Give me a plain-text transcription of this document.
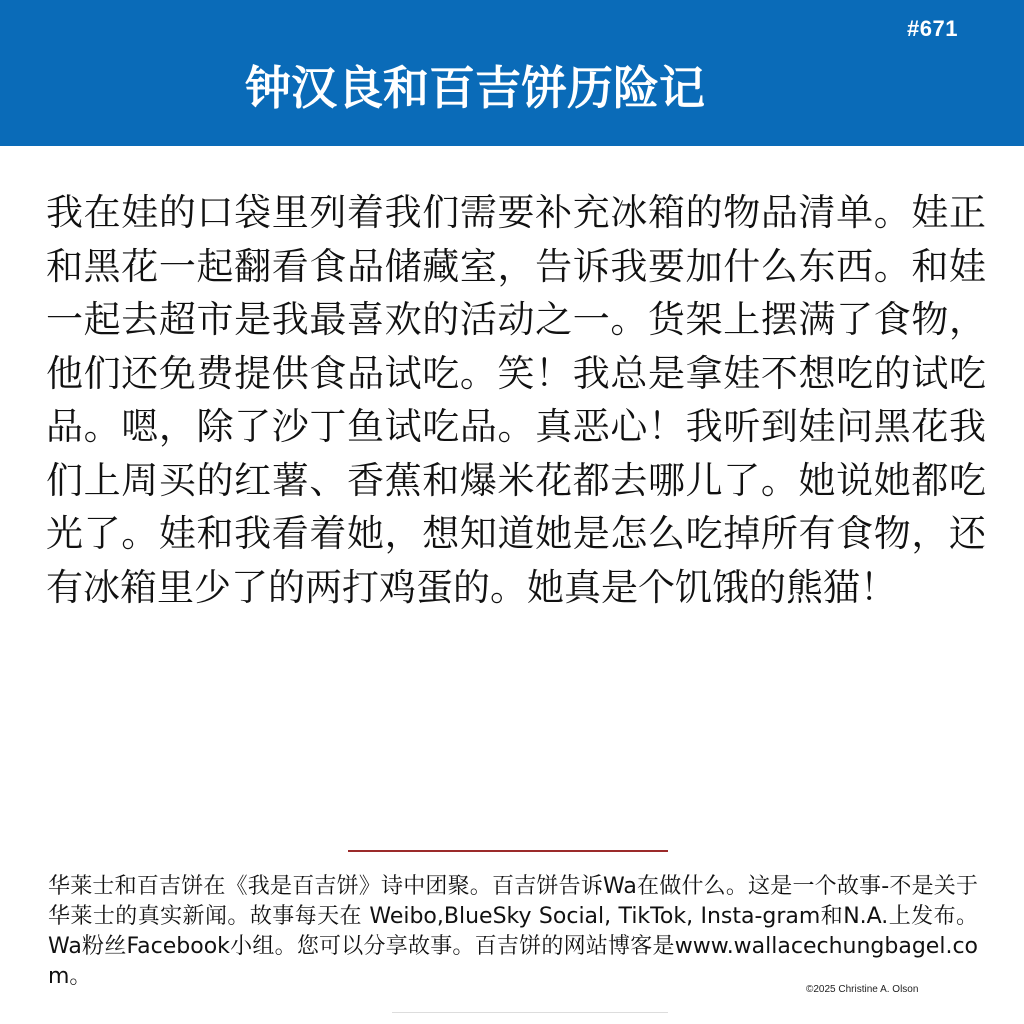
#671
钟汉良和百吉饼历险记

我在娃的口袋里列着我们需要补充冰箱的物品清单。娃正和黑花一起翻看食品储藏室，告诉我要加什么东西。和娃一起去超市是我最喜欢的活动之一。货架上摆满了食物，他们还免费提供食品试吃。笑！我总是拿娃不想吃的试吃品。嗯，除了沙丁鱼试吃品。真恶心！我听到娃问黑花我们上周买的红薯、香蕉和爆米花都去哪儿了。她说她都吃光了。娃和我看着她，想知道她是怎么吃掉所有食物，还有冰箱里少了的两打鸡蛋的。她真是个饥饿的熊猫！

华莱士和百吉饼在《我是百吉饼》诗中团聚。百吉饼告诉Wa在做什么。这是一个故事-不是关于华莱士的真实新闻。故事每天在 Weibo,BlueSky Social, TikTok, Insta-gram和N.A.上发布。Wa粉丝Facebook小组。您可以分享故事。百吉饼的网站博客是www.wallacechungbagel.com。

©2025 Christine A. Olson
